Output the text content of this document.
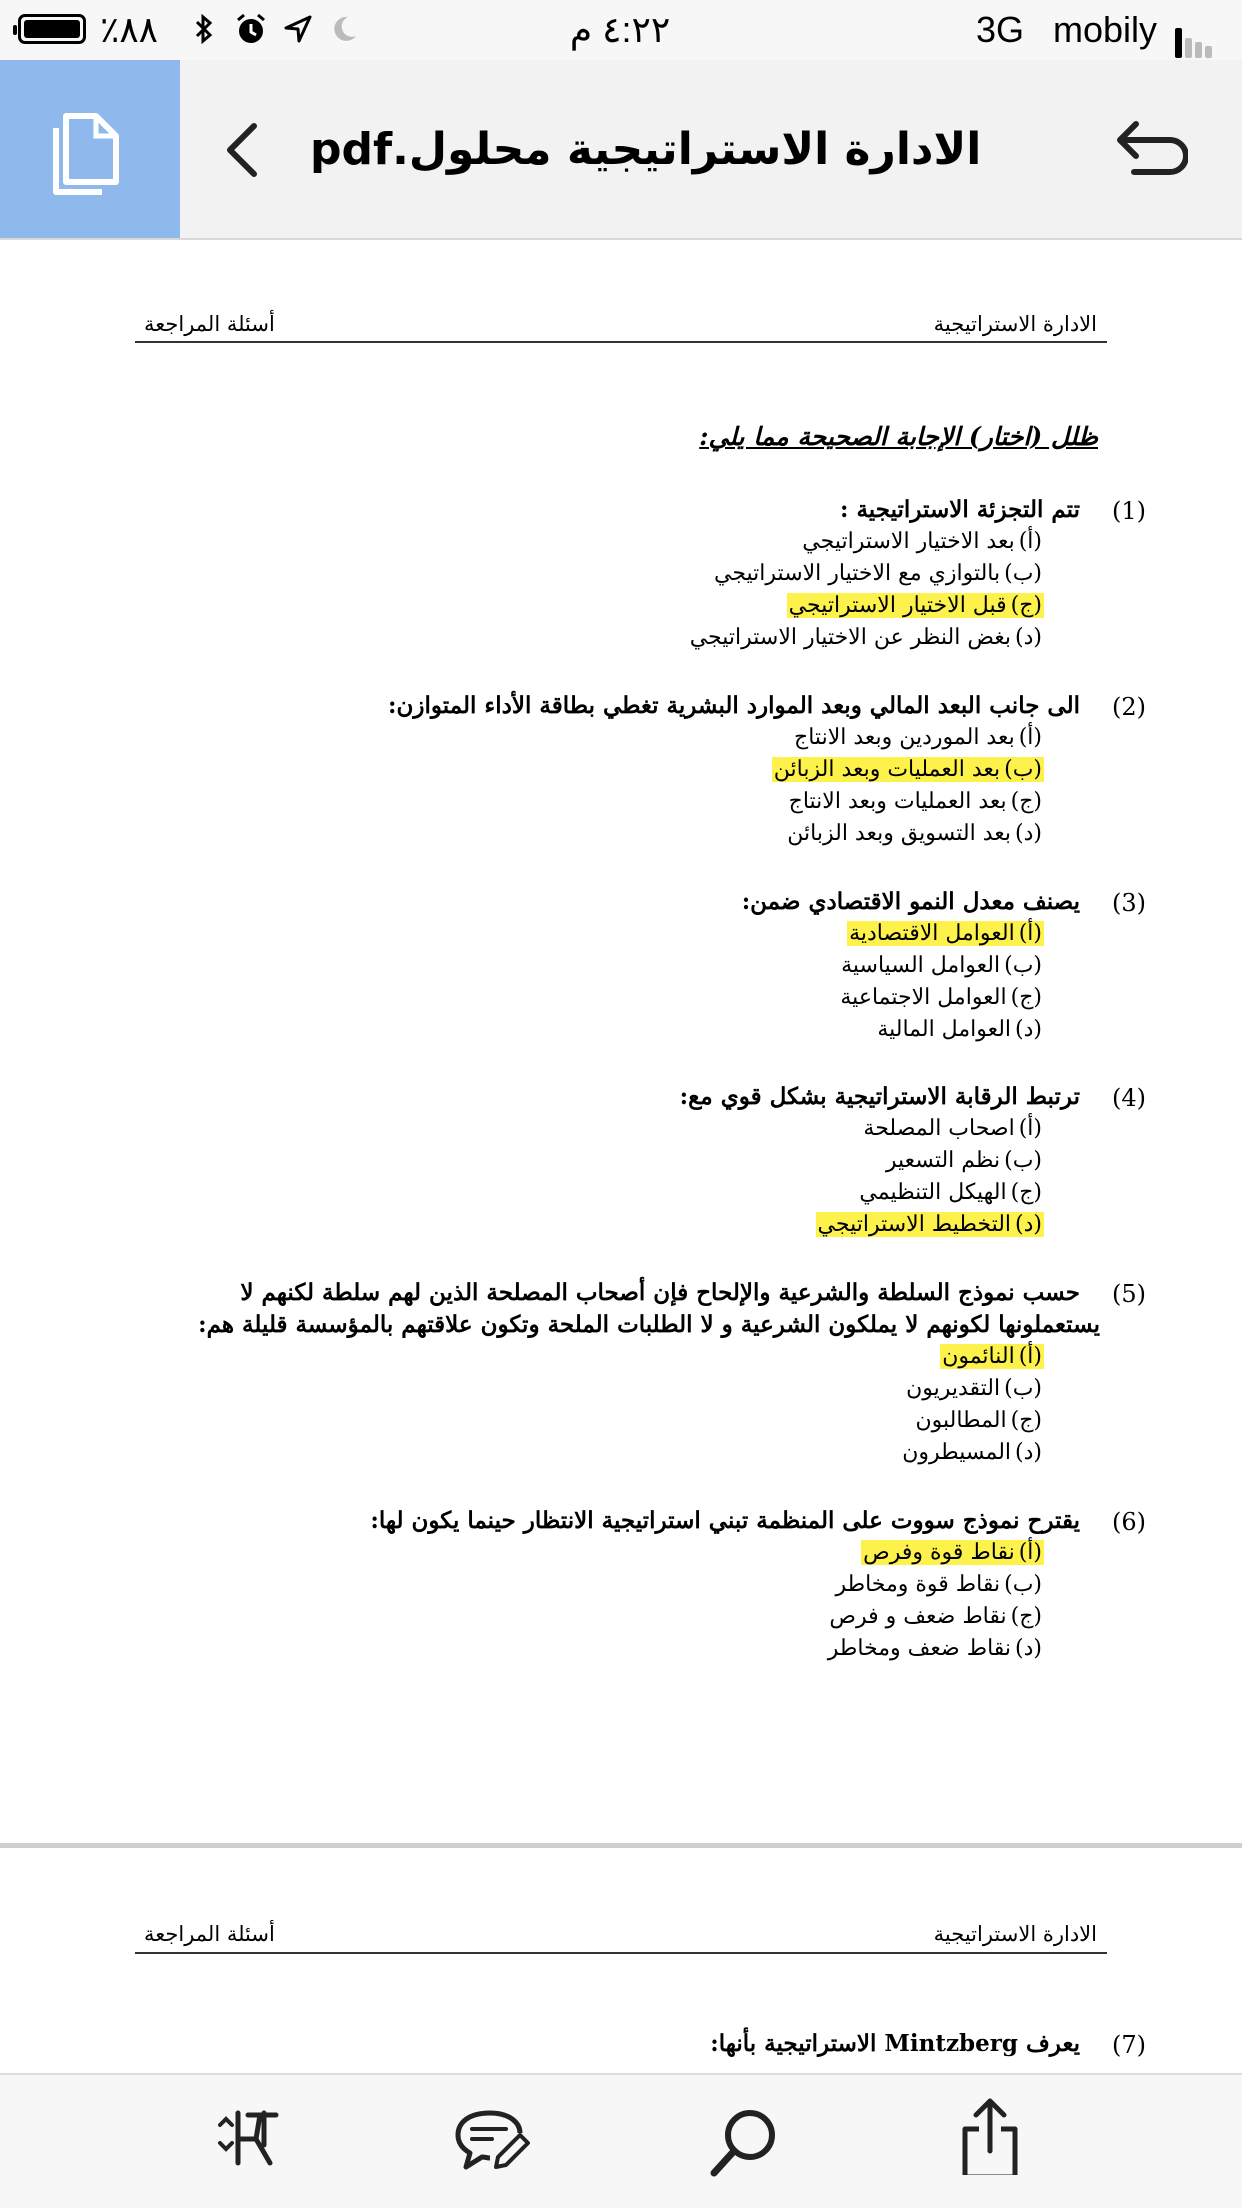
٪٨٨	٤:٢٢ م	3G mobily
الادارة الاستراتيجية محلول.pdf
أسئلة المراجعة	الادارة الاستراتيجية
ظلل (اختار) الإجابة الصحيحة مما يلي:
(1)
تتم التجزئة الاستراتيجية :
(أ)بعد الاختيار الاستراتيجي
(ب)بالتوازي مع الاختيار الاستراتيجي
(ج)قبل الاختيار الاستراتيجي
(د)بغض النظر عن الاختيار الاستراتيجي
(2)
الى جانب البعد المالي وبعد الموارد البشرية تغطي بطاقة الأداء المتوازن:
(أ)بعد الموردين وبعد الانتاج
(ب)بعد العمليات وبعد الزبائن
(ج)بعد العمليات وبعد الانتاج
(د)بعد التسويق وبعد الزبائن
(3)
يصنف معدل النمو الاقتصادي ضمن:
(أ)العوامل الاقتصادية
(ب)العوامل السياسية
(ج)العوامل الاجتماعية
(د)العوامل المالية
(4)
ترتبط الرقابة الاستراتيجية بشكل قوي مع:
(أ)اصحاب المصلحة
(ب)نظم التسعير
(ج)الهيكل التنظيمي
(د)التخطيط الاستراتيجي
(5)
حسب نموذج السلطة والشرعية والإلحاح فإن أصحاب المصلحة الذين لهم سلطة لكنهم لا
يستعملونها لكونهم لا يملكون الشرعية و لا الطلبات الملحة وتكون علاقتهم بالمؤسسة قليلة هم:
(أ)النائمون
(ب)التقديريون
(ج)المطالبون
(د)المسيطرون
(6)
يقترح نموذج سووت على المنظمة تبني استراتيجية الانتظار حينما يكون لها:
(أ)نقاط قوة وفرص
(ب)نقاط قوة ومخاطر
(ج)نقاط ضعف و فرص
(د)نقاط ضعف ومخاطر
أسئلة المراجعة	الادارة الاستراتيجية
(7)
يعرف Mintzberg الاستراتيجية بأنها:
